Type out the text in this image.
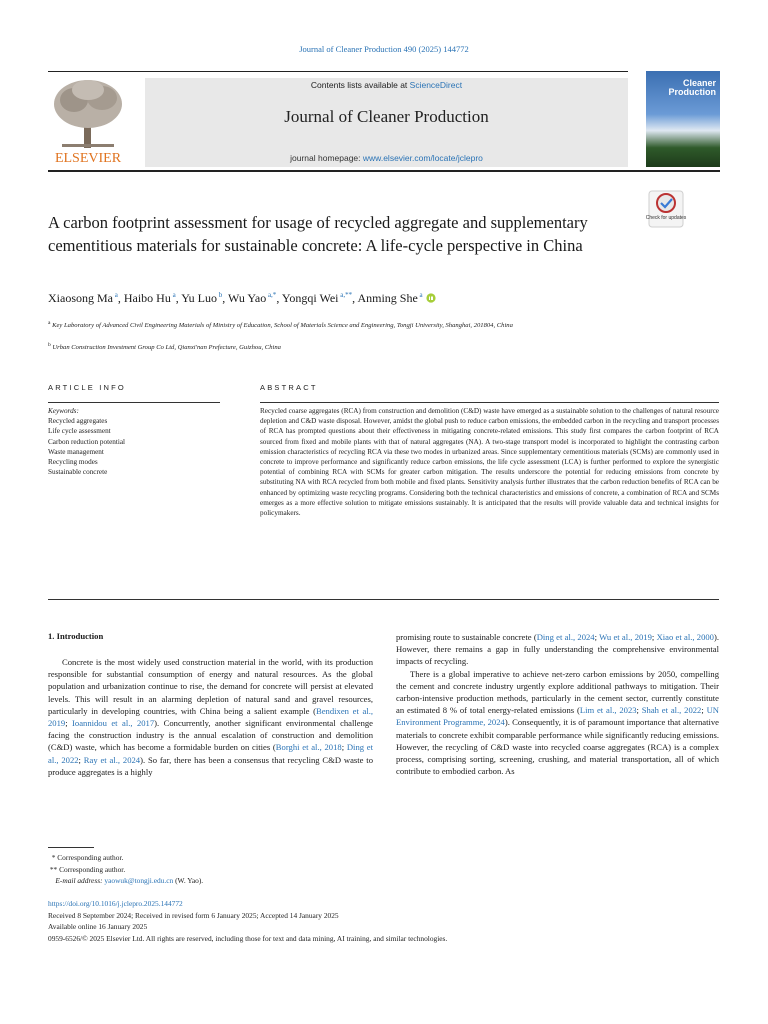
Journal of Cleaner Production 490 (2025) 144772
ELSEVIER
Contents lists available at ScienceDirect
Journal of Cleaner Production
journal homepage: www.elsevier.com/locate/jclepro
Cleaner Production
Check for updates
A carbon footprint assessment for usage of recycled aggregate and supplementary cementitious materials for sustainable concrete: A life-cycle perspective in China
Xiaosong Ma $^a$, Haibo Hu $^a$, Yu Luo $^b$, Wu Yao $^{a,*}$, Yongqi Wei $^{a,**}$, Anming She $^a$
$^a$ Key Laboratory of Advanced Civil Engineering Materials of Ministry of Education, School of Materials Science and Engineering, Tongji University, Shanghai, 201804, China
$^b$ Urban Construction Investment Group Co Ltd, Qianxi'nan Prefecture, Guizhou, China
ARTICLE INFO	ABSTRACT
Keywords:
Recycled aggregates
Life cycle assessment
Carbon reduction potential
Waste management
Recycling modes
Sustainable concrete
Recycled coarse aggregates (RCA) from construction and demolition (C&D) waste have emerged as a sustainable solution to the challenges of natural resource depletion and C&D waste disposal. However, amidst the global push to reduce carbon emissions, the embedded carbon in the recycling and transport processes of RCA has prompted questions about their effectiveness in mitigating concrete-related emissions. This study first compares the carbon footprint of RCA sourced from fixed and mobile plants with that of natural aggregates (NA). A two-stage transport model is incorporated to highlight the contrasting carbon emission characteristics of recycling RCA via these two modes in urbanized areas. Since supplementary cementitious materials (SCMs) are commonly used in concrete to improve performance and significantly reduce carbon emissions, the life cycle assessment (LCA) is further performed to explore the synergistic potential of combining RCA with SCMs for greater carbon mitigation. The results underscore the potential for reducing emissions from concrete by substituting NA with RCA recycled from both mobile and fixed plants. Sensitivity analysis further illustrates that the carbon reduction benefits of RCA can be enhanced by optimizing waste recycling programs. Considering both the technical characteristics and emissions of concrete, a combination of RCA and SCMs emerges as a more effective solution to mitigate emissions sustainably. It is anticipated that the results will provide valuable data and technical insights for policymakers.
1. Introduction

Concrete is the most widely used construction material in the world, with its production responsible for substantial consumption of energy and natural resources. As the global population and urbanization continue to rise, the demand for concrete will persist at elevated levels. This will result in an alarming depletion of natural sand and gravel resources, particularly in developing countries, with China being a salient example (Bendixen et al., 2019; Ioannidou et al., 2017). Concurrently, another significant environmental challenge facing the construction industry is the annual escalation of construction and demolition (C&D) waste, which has become a formidable burden on cities (Borghi et al., 2018; Ding et al., 2022; Ray et al., 2024). So far, there has been a consensus that recycling C&D waste to produce aggregates is a highly

promising route to sustainable concrete (Ding et al., 2024; Wu et al., 2019; Xiao et al., 2000). However, there remains a gap in fully understanding the comprehensive environmental impacts of recycling.

There is a global imperative to achieve net-zero carbon emissions by 2050, compelling the cement and concrete industry urgently explore additional pathways to mitigation. Their carbon-intensive production methods, particularly in the cement sector, currently constitute an estimated 8 % of total energy-related emissions (Lim et al., 2023; Shah et al., 2022; UN Environment Programme, 2024). Consequently, it is of paramount importance that alternative materials to concrete exhibit comparable performance while significantly reducing emissions. However, the recycling of C&D waste into recycled coarse aggregates (RCA) is a complex process, comprising sorting, screening, crushing, and material transportation, all of which contribute to embodied carbon. As

* Corresponding author.
** Corresponding author.
E-mail address: yaowuk@tongji.edu.cn (W. Yao).
https://doi.org/10.1016/j.jclepro.2025.144772
Received 8 September 2024; Received in revised form 6 January 2025; Accepted 14 January 2025
Available online 16 January 2025
0959-6526/© 2025 Elsevier Ltd. All rights are reserved, including those for text and data mining, AI training, and similar technologies.
